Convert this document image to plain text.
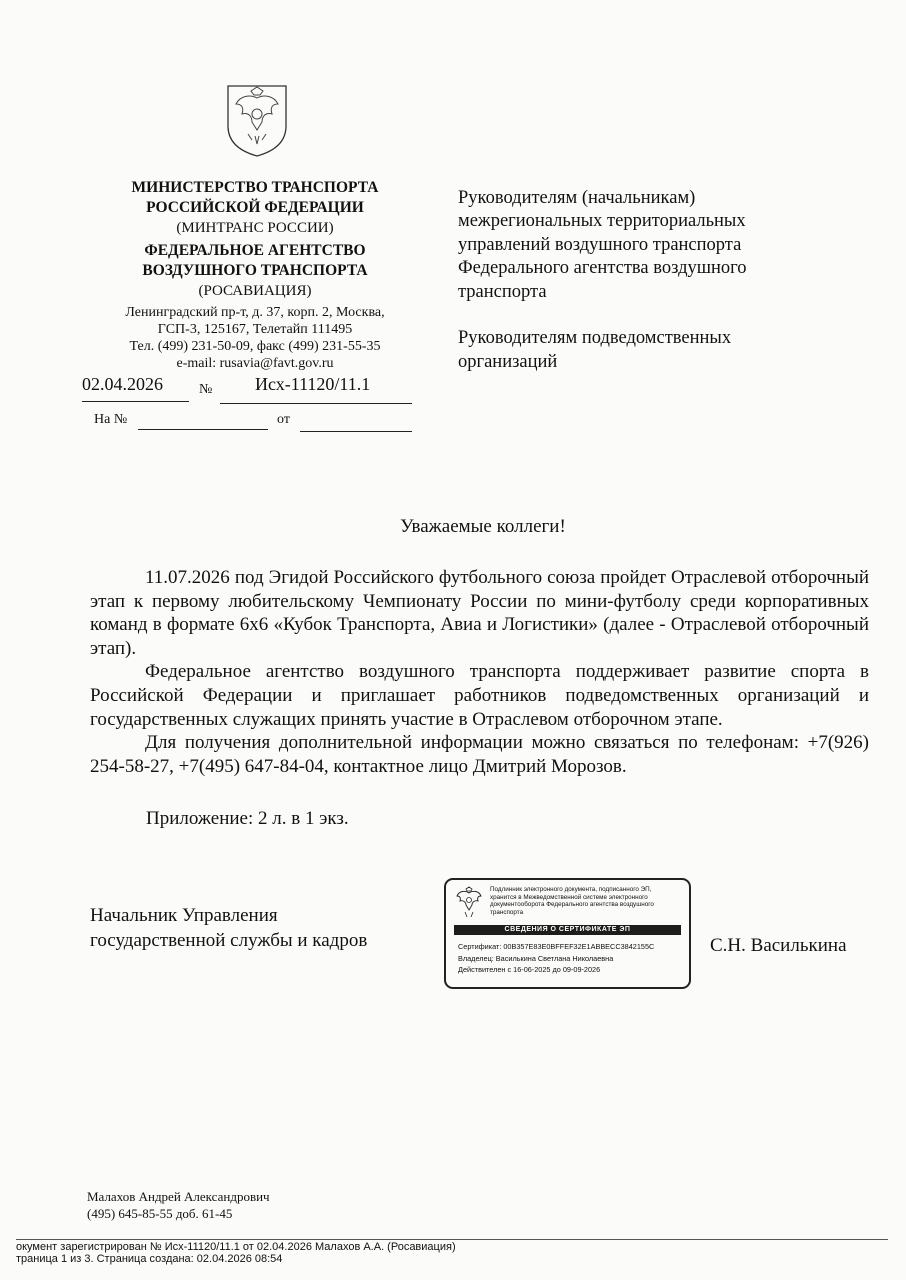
МИНИСТЕРСТВО ТРАНСПОРТА
РОССИЙСКОЙ ФЕДЕРАЦИИ
(МИНТРАНС РОССИИ)
ФЕДЕРАЛЬНОЕ АГЕНТСТВО
ВОЗДУШНОГО ТРАНСПОРТА
(РОСАВИАЦИЯ)
Ленинградский пр-т, д. 37, корп. 2, Москва,
ГСП-3, 125167, Телетайп 111495
Тел. (499) 231-50-09, факс (499) 231-55-35
e-mail: rusavia@favt.gov.ru
02.04.2026	№ Исх-11120/11.1
На №	от

Руководителям (начальникам)

межрегиональных территориальных

управлений воздушного транспорта

Федерального агентства воздушного

транспорта

Руководителям подведомственных

организаций

Уважаемые коллеги!

11.07.2026 под Эгидой Российского футбольного союза пройдет Отраслевой отборочный этап к первому любительскому Чемпионату России по мини-футболу среди корпоративных команд в формате 6х6 «Кубок Транспорта, Авиа и Логистики» (далее - Отраслевой отборочный этап).

Федеральное агентство воздушного транспорта поддерживает развитие спорта в Российской Федерации и приглашает работников подведомственных организаций и государственных служащих принять участие в Отраслевом отборочном этапе.

Для получения дополнительной информации можно связаться по телефонам: +7(926) 254-58-27, +7(495) 647-84-04, контактное лицо Дмитрий Морозов.

Приложение: 2 л. в 1 экз.
Начальник Управления
государственной службы и кадров	С.Н. Василькина
Подлинник электронного документа, подписанного ЭП,
хранится в Межведомственной системе электронного
документооборота Федерального агентства воздушного
транспорта
СВЕДЕНИЯ О СЕРТИФИКАТЕ ЭП
Сертификат: 00B357E83E0BFFEF32E1ABBECC3842155C
Владелец: Василькина Светлана Николаевна
Действителен с 16-06-2025 до 09-09-2026
Малахов Андрей Александрович
(495) 645-85-55 доб. 61-45
окумент зарегистрирован № Исх-11120/11.1 от 02.04.2026 Малахов А.А. (Росавиация)
траница 1 из 3. Страница создана: 02.04.2026 08:54
